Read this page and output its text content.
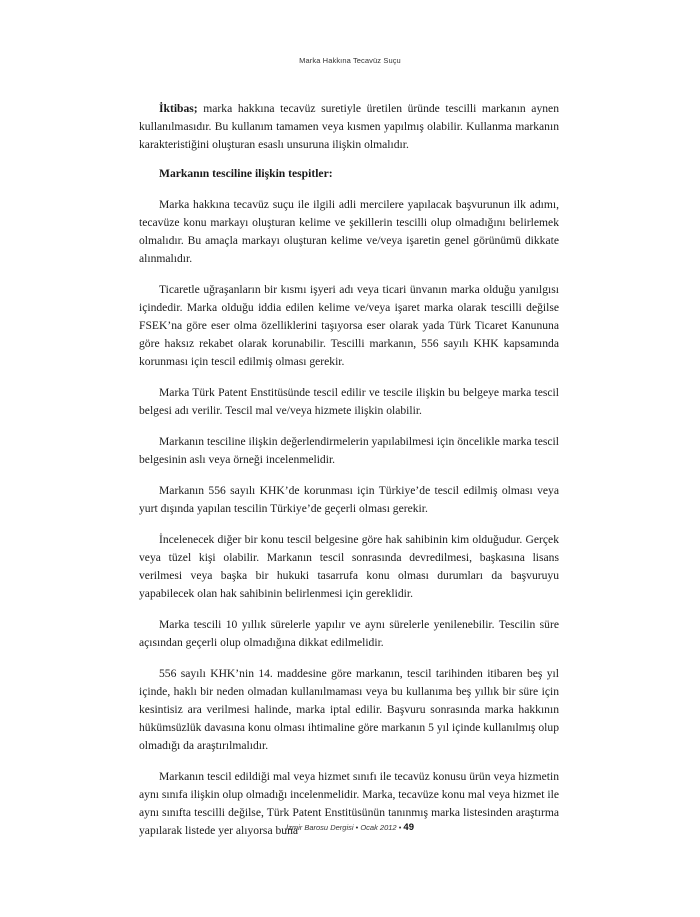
Marka Hakkına Tecavüz Suçu

İktibas; marka hakkına tecavüz suretiyle üretilen üründe tescilli markanın aynen kullanılmasıdır. Bu kullanım tamamen veya kısmen yapılmış olabilir. Kullanma markanın karakteristiğini oluşturan esaslı unsuruna ilişkin olmalıdır.

Markanın tesciline ilişkin tespitler:

Marka hakkına tecavüz suçu ile ilgili adli mercilere yapılacak başvurunun ilk adımı, tecavüze konu markayı oluşturan kelime ve şekillerin tescilli olup olmadığını belirlemek olmalıdır. Bu amaçla markayı oluşturan kelime ve/veya işaretin genel görünümü dikkate alınmalıdır.

Ticaretle uğraşanların bir kısmı işyeri adı veya ticari ünvanın marka olduğu yanılgısı içindedir. Marka olduğu iddia edilen kelime ve/veya işaret marka olarak tescilli değilse FSEK’na göre eser olma özelliklerini taşıyorsa eser olarak yada Türk Ticaret Kanununa göre haksız rekabet olarak korunabilir. Tescilli markanın, 556 sayılı KHK kapsamında korunması için tescil edilmiş olması gerekir.

Marka Türk Patent Enstitüsünde tescil edilir ve tescile ilişkin bu belgeye marka tescil belgesi adı verilir. Tescil mal ve/veya hizmete ilişkin olabilir.

Markanın tesciline ilişkin değerlendirmelerin yapılabilmesi için öncelikle marka tescil belgesinin aslı veya örneği incelenmelidir.

Markanın 556 sayılı KHK’de korunması için Türkiye’de tescil edilmiş olması veya yurt dışında yapılan tescilin Türkiye’de geçerli olması gerekir.

İncelenecek diğer bir konu tescil belgesine göre hak sahibinin kim olduğudur. Gerçek veya tüzel kişi olabilir. Markanın tescil sonrasında devredilmesi, başkasına lisans verilmesi veya başka bir hukuki tasarrufa konu olması durumları da başvuruyu yapabilecek olan hak sahibinin belirlenmesi için gereklidir.

Marka tescili 10 yıllık sürelerle yapılır ve aynı sürelerle yenilenebilir. Tescilin süre açısından geçerli olup olmadığına dikkat edilmelidir.

556 sayılı KHK’nin 14. maddesine göre markanın, tescil tarihinden itibaren beş yıl içinde, haklı bir neden olmadan kullanılmaması veya bu kullanıma beş yıllık bir süre için kesintisiz ara verilmesi halinde, marka iptal edilir. Başvuru sonrasında marka hakkının hükümsüzlük davasına konu olması ihtimaline göre markanın 5 yıl içinde kullanılmış olup olmadığı da araştırılmalıdır.

Markanın tescil edildiği mal veya hizmet sınıfı ile tecavüz konusu ürün veya hizmetin aynı sınıfa ilişkin olup olmadığı incelenmelidir. Marka, tecavüze konu mal veya hizmet ile aynı sınıfta tescilli değilse, Türk Patent Enstitüsünün tanınmış marka listesinden araştırma yapılarak listede yer alıyorsa buna

İzmir Barosu Dergisi • Ocak 2012 • 49
